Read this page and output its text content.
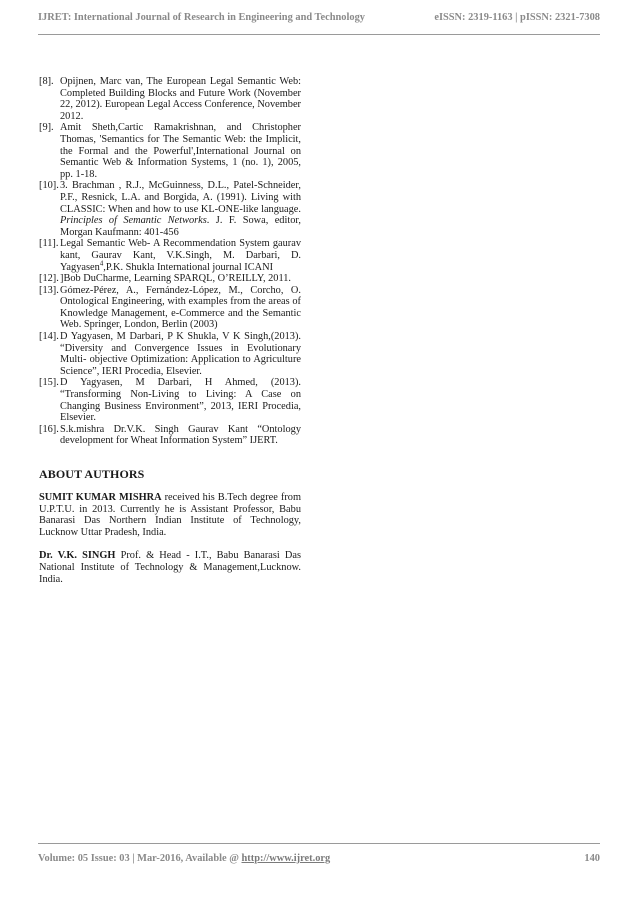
IJRET: International Journal of Research in Engineering and Technology	eISSN: 2319-1163 | pISSN: 2321-7308
[8]. Opijnen, Marc van, The European Legal Semantic Web: Completed Building Blocks and Future Work (November 22, 2012). European Legal Access Conference, November 2012.
[9]. Amit Sheth,Cartic Ramakrishnan, and Christopher Thomas, 'Semantics for The Semantic Web: the Implicit, the Formal and the Powerful',International Journal on Semantic Web & Information Systems, 1 (no. 1), 2005, pp. 1-18.
[10]. 3. Brachman , R.J., McGuinness, D.L., Patel-Schneider, P.F., Resnick, L.A. and Borgida, A. (1991). Living with CLASSIC: When and how to use KL-ONE-like language. Principles of Semantic Networks. J. F. Sowa, editor, Morgan Kaufmann: 401-456
[11]. Legal Semantic Web- A Recommendation System gaurav kant, Gaurav Kant, V.K.Singh, M. Darbari, D. Yagyasen$^4$,P.K. Shukla International journal ICANI
[12]. ]Bob DuCharme, Learning SPARQL, O’REILLY, 2011.
[13]. Gómez-Pérez, A., Fernández-López, M., Corcho, O. Ontological Engineering, with examples from the areas of Knowledge Management, e-Commerce and the Semantic Web. Springer, London, Berlin (2003)
[14]. D Yagyasen, M Darbari, P K Shukla, V K Singh,(2013). “Diversity and Convergence Issues in Evolutionary Multi- objective Optimization: Application to Agriculture Science”, IERI Procedia, Elsevier.
[15]. D Yagyasen, M Darbari, H Ahmed, (2013). “Transforming Non-Living to Living: A Case on Changing Business Environment”, 2013, IERI Procedia, Elsevier.
[16]. S.k.mishra Dr.V.K. Singh Gaurav Kant “Ontology development for Wheat Information System” IJERT.
ABOUT AUTHORS

SUMIT KUMAR MISHRA received his B.Tech degree from U.P.T.U. in 2013. Currently he is Assistant Professor, Babu Banarasi Das Northern Indian Institute of Technology, Lucknow Uttar Pradesh, India.

Dr. V.K. SINGH Prof. & Head - I.T., Babu Banarasi Das National Institute of Technology & Management,Lucknow. India.

Volume: 05 Issue: 03 | Mar-2016, Available @ http://www.ijret.org	140
